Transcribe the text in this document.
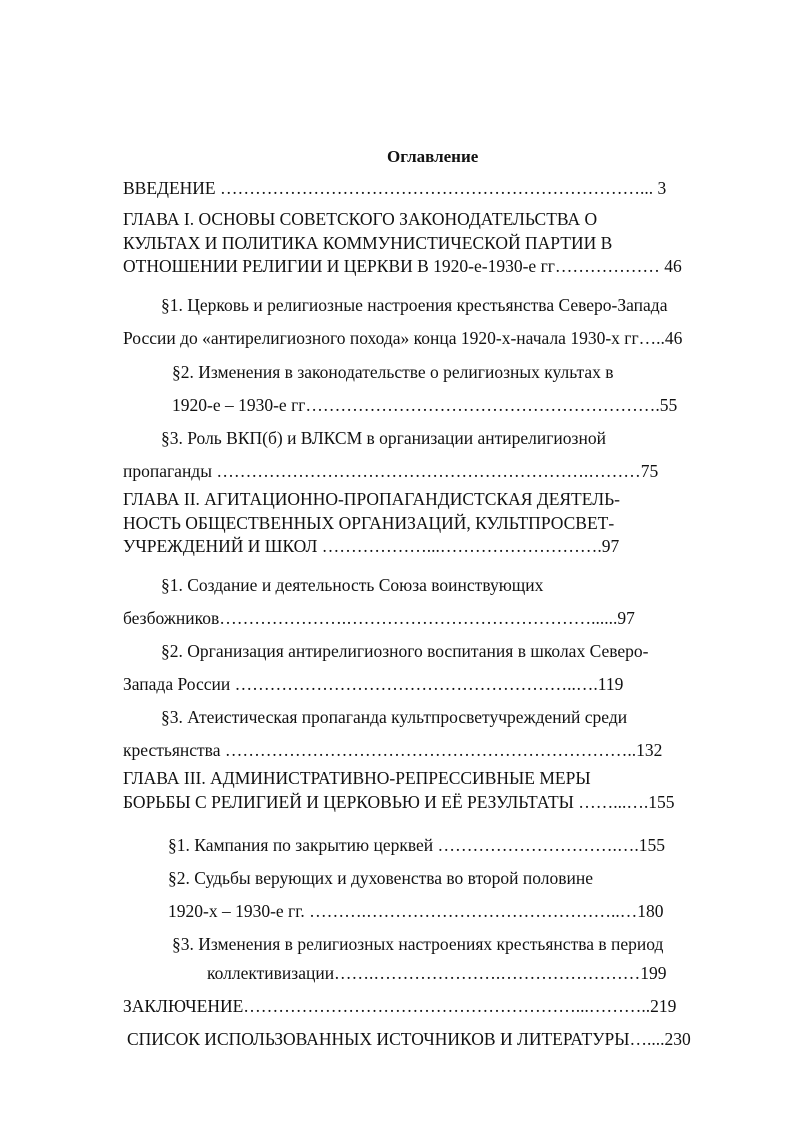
Оглавление
ВВЕДЕНИЕ ………………………………………………………………... 3
ГЛАВА I. ОСНОВЫ СОВЕТСКОГО ЗАКОНОДАТЕЛЬСТВА О
КУЛЬТАХ И ПОЛИТИКА КОММУНИСТИЧЕСКОЙ ПАРТИИ В
ОТНОШЕНИИ РЕЛИГИИ И ЦЕРКВИ В 1920-е-1930-е гг……………… 46
§1. Церковь и религиозные настроения крестьянства Северо-Запада
России до «антирелигиозного похода» конца 1920-х-начала 1930-х гг…..46
§2. Изменения в законодательстве о религиозных культах в
1920-е – 1930-е гг…………………………………………………….55
§3. Роль ВКП(б) и ВЛКСМ в организации антирелигиозной
пропаганды ……………………………………………………….………75
ГЛАВА II. АГИТАЦИОННО-ПРОПАГАНДИСТСКАЯ ДЕЯТЕЛЬ-
НОСТЬ ОБЩЕСТВЕННЫХ ОРГАНИЗАЦИЙ, КУЛЬТПРОСВЕТ-
УЧРЕЖДЕНИЙ И ШКОЛ ………………...……………………….97
§1. Создание и деятельность Союза воинствующих
безбожников………………….……………………………………......97
§2. Организация антирелигиозного воспитания в школах Северо-
Запада России …………………………………………………..….119
§3. Атеистическая пропаганда культпросветучреждений среди
крестьянства ……………………………………………………………..132
ГЛАВА III. АДМИНИСТРАТИВНО-РЕПРЕССИВНЫЕ МЕРЫ
БОРЬБЫ С РЕЛИГИЕЙ И ЦЕРКОВЬЮ И ЕЁ РЕЗУЛЬТАТЫ ……...….155
§1. Кампания по закрытию церквей ………………………….….155
§2. Судьбы верующих и духовенства во второй половине
1920-х – 1930-е гг. ……….……………………………………..…180
§3. Изменения в религиозных настроениях крестьянства в период
коллективизации…….………………….……………………199
ЗАКЛЮЧЕНИЕ…………………………………………………...………..219
СПИСОК ИСПОЛЬЗОВАННЫХ ИСТОЧНИКОВ И ЛИТЕРАТУРЫ…....230
